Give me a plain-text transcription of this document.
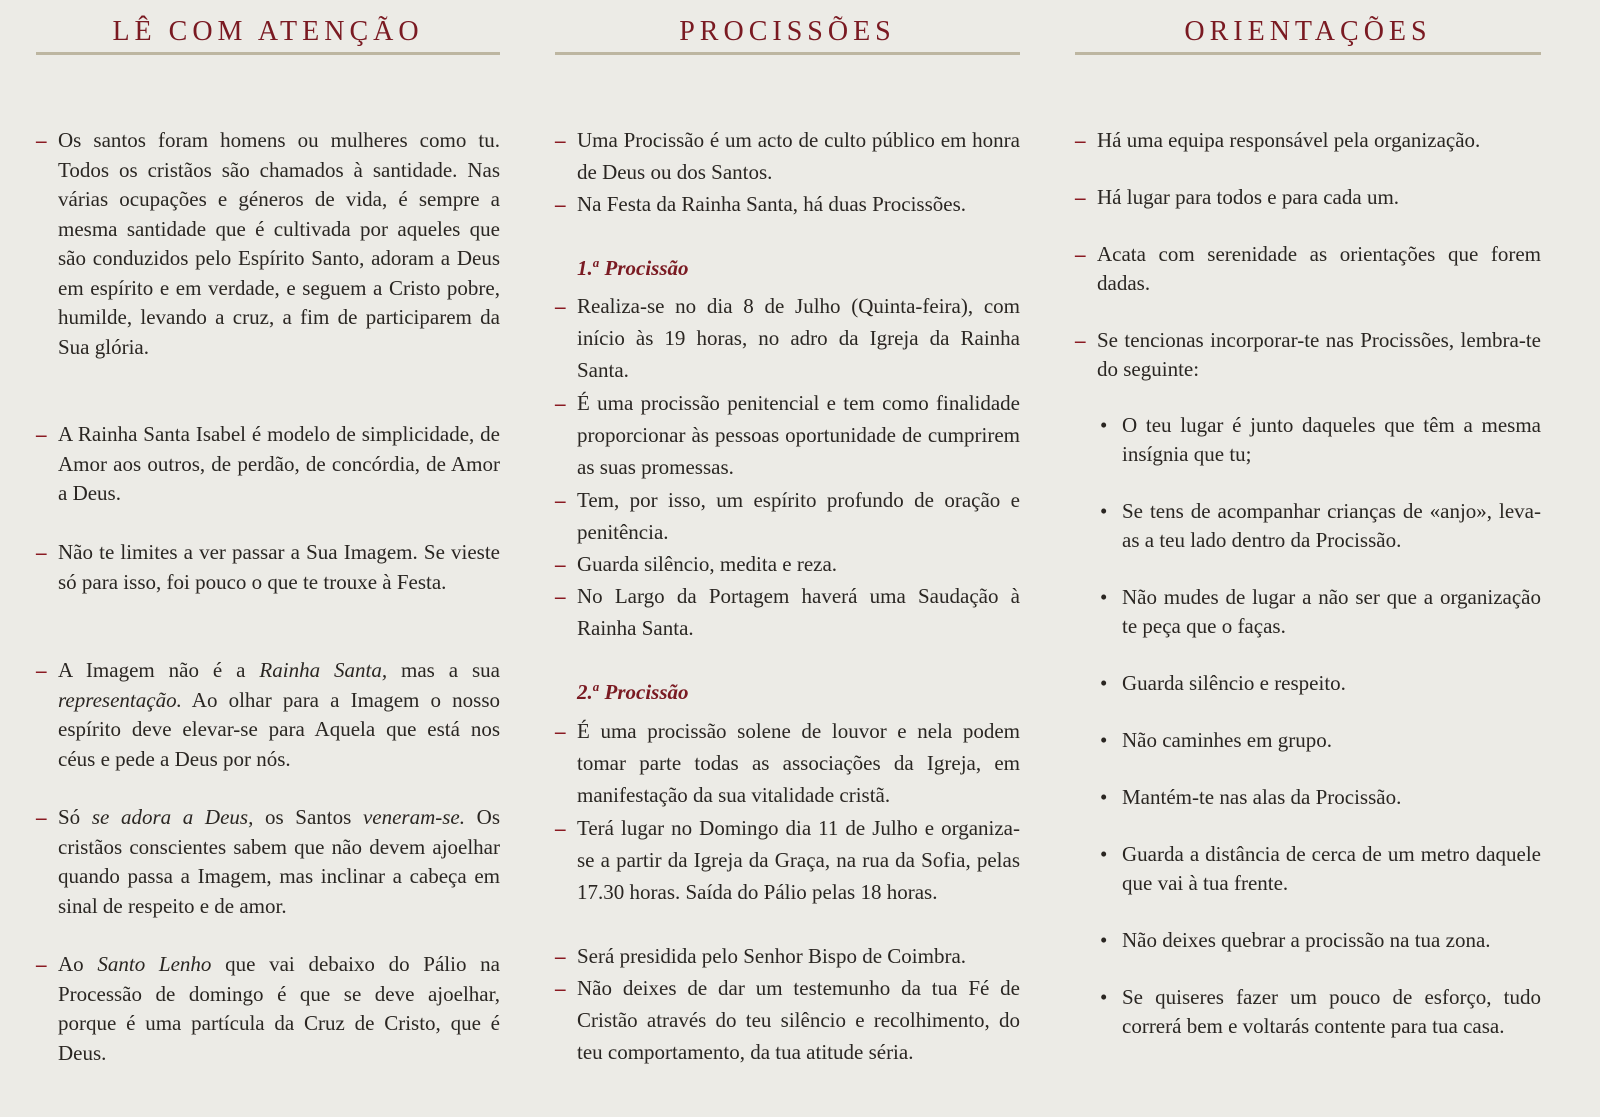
LÊ COM ATENÇÃO

– Os santos foram homens ou mulheres como tu. Todos os cristãos são chamados à santidade. Nas várias ocupações e géneros de vida, é sempre a mesma santidade que é cultivada por aqueles que são conduzidos pelo Espírito Santo, adoram a Deus em espírito e em verdade, e seguem a Cristo pobre, humilde, levando a cruz, a fim de participarem da Sua glória.

– A Rainha Santa Isabel é modelo de simplicidade, de Amor aos outros, de perdão, de concórdia, de Amor a Deus.

– Não te limites a ver passar a Sua Imagem. Se vieste só para isso, foi pouco o que te trouxe à Festa.

– A Imagem não é a Rainha Santa, mas a sua representação. Ao olhar para a Imagem o nosso espírito deve elevar-se para Aquela que está nos céus e pede a Deus por nós.

– Só se adora a Deus, os Santos veneram-se. Os cristãos conscientes sabem que não devem ajoelhar quando passa a Imagem, mas inclinar a cabeça em sinal de respeito e de amor.

– Ao Santo Lenho que vai debaixo do Pálio na Processão de domingo é que se deve ajoelhar, porque é uma partícula da Cruz de Cristo, que é Deus.

PROCISSÕES

– Uma Procissão é um acto de culto público em honra de Deus ou dos Santos.

– Na Festa da Rainha Santa, há duas Procissões.

1.$^a$ Procissão

– Realiza-se no dia 8 de Julho (Quinta-feira), com início às 19 horas, no adro da Igreja da Rainha Santa.

– É uma procissão penitencial e tem como finalidade proporcionar às pessoas oportunidade de cumprirem as suas promessas.

– Tem, por isso, um espírito profundo de oração e penitência.

– Guarda silêncio, medita e reza.

– No Largo da Portagem haverá uma Saudação à Rainha Santa.

2.$^a$ Procissão

– É uma procissão solene de louvor e nela podem tomar parte todas as associações da Igreja, em manifestação da sua vitalidade cristã.

– Terá lugar no Domingo dia 11 de Julho e organiza-se a partir da Igreja da Graça, na rua da Sofia, pelas 17.30 horas. Saída do Pálio pelas 18 horas.

– Será presidida pelo Senhor Bispo de Coimbra.

– Não deixes de dar um testemunho da tua Fé de Cristão através do teu silêncio e recolhimento, do teu comportamento, da tua atitude séria.

ORIENTAÇÕES

– Há uma equipa responsável pela organização.

– Há lugar para todos e para cada um.

– Acata com serenidade as orientações que forem dadas.

– Se tencionas incorporar-te nas Procissões, lembra-te do seguinte:

• O teu lugar é junto daqueles que têm a mesma insígnia que tu;

• Se tens de acompanhar crianças de «anjo», leva-as a teu lado dentro da Procissão.

• Não mudes de lugar a não ser que a organização te peça que o faças.

• Guarda silêncio e respeito.

• Não caminhes em grupo.

• Mantém-te nas alas da Procissão.

• Guarda a distância de cerca de um metro daquele que vai à tua frente.

• Não deixes quebrar a procissão na tua zona.

• Se quiseres fazer um pouco de esforço, tudo correrá bem e voltarás contente para tua casa.
